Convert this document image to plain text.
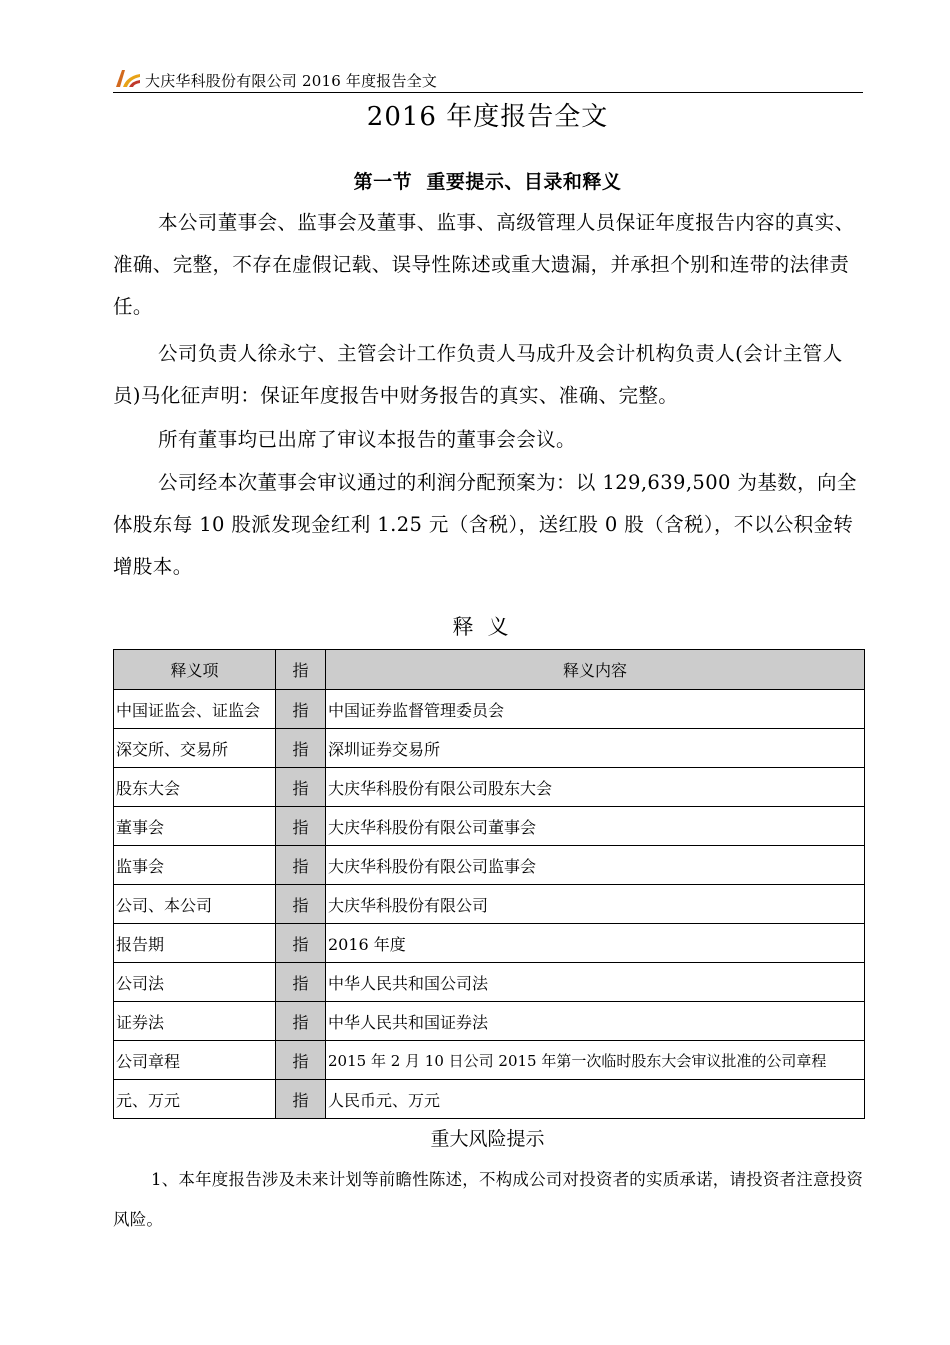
大庆华科股份有限公司 2016 年度报告全文
2016 年度报告全文
第一节  重要提示、目录和释义

本公司董事会、监事会及董事、监事、高级管理人员保证年度报告内容的真实、准确、完整，不存在虚假记载、误导性陈述或重大遗漏，并承担个别和连带的法律责任。

公司负责人徐永宁、主管会计工作负责人马成升及会计机构负责人(会计主管人员)马化征声明：保证年度报告中财务报告的真实、准确、完整。

所有董事均已出席了审议本报告的董事会会议。

公司经本次董事会审议通过的利润分配预案为：以 129,639,500 为基数，向全体股东每 10 股派发现金红利 1.25 元（含税），送红股 0 股（含税），不以公积金转增股本。

释义
释义项	指	释义内容
中国证监会、证监会	指	中国证券监督管理委员会
深交所、交易所	指	深圳证券交易所
股东大会	指	大庆华科股份有限公司股东大会
董事会	指	大庆华科股份有限公司董事会
监事会	指	大庆华科股份有限公司监事会
公司、本公司	指	大庆华科股份有限公司
报告期	指	2016 年度
公司法	指	中华人民共和国公司法
证券法	指	中华人民共和国证券法
公司章程	指	2015 年 2 月 10 日公司 2015 年第一次临时股东大会审议批准的公司章程
元、万元	指	人民币元、万元
重大风险提示

1、本年度报告涉及未来计划等前瞻性陈述，不构成公司对投资者的实质承诺，请投资者注意投资风险。
